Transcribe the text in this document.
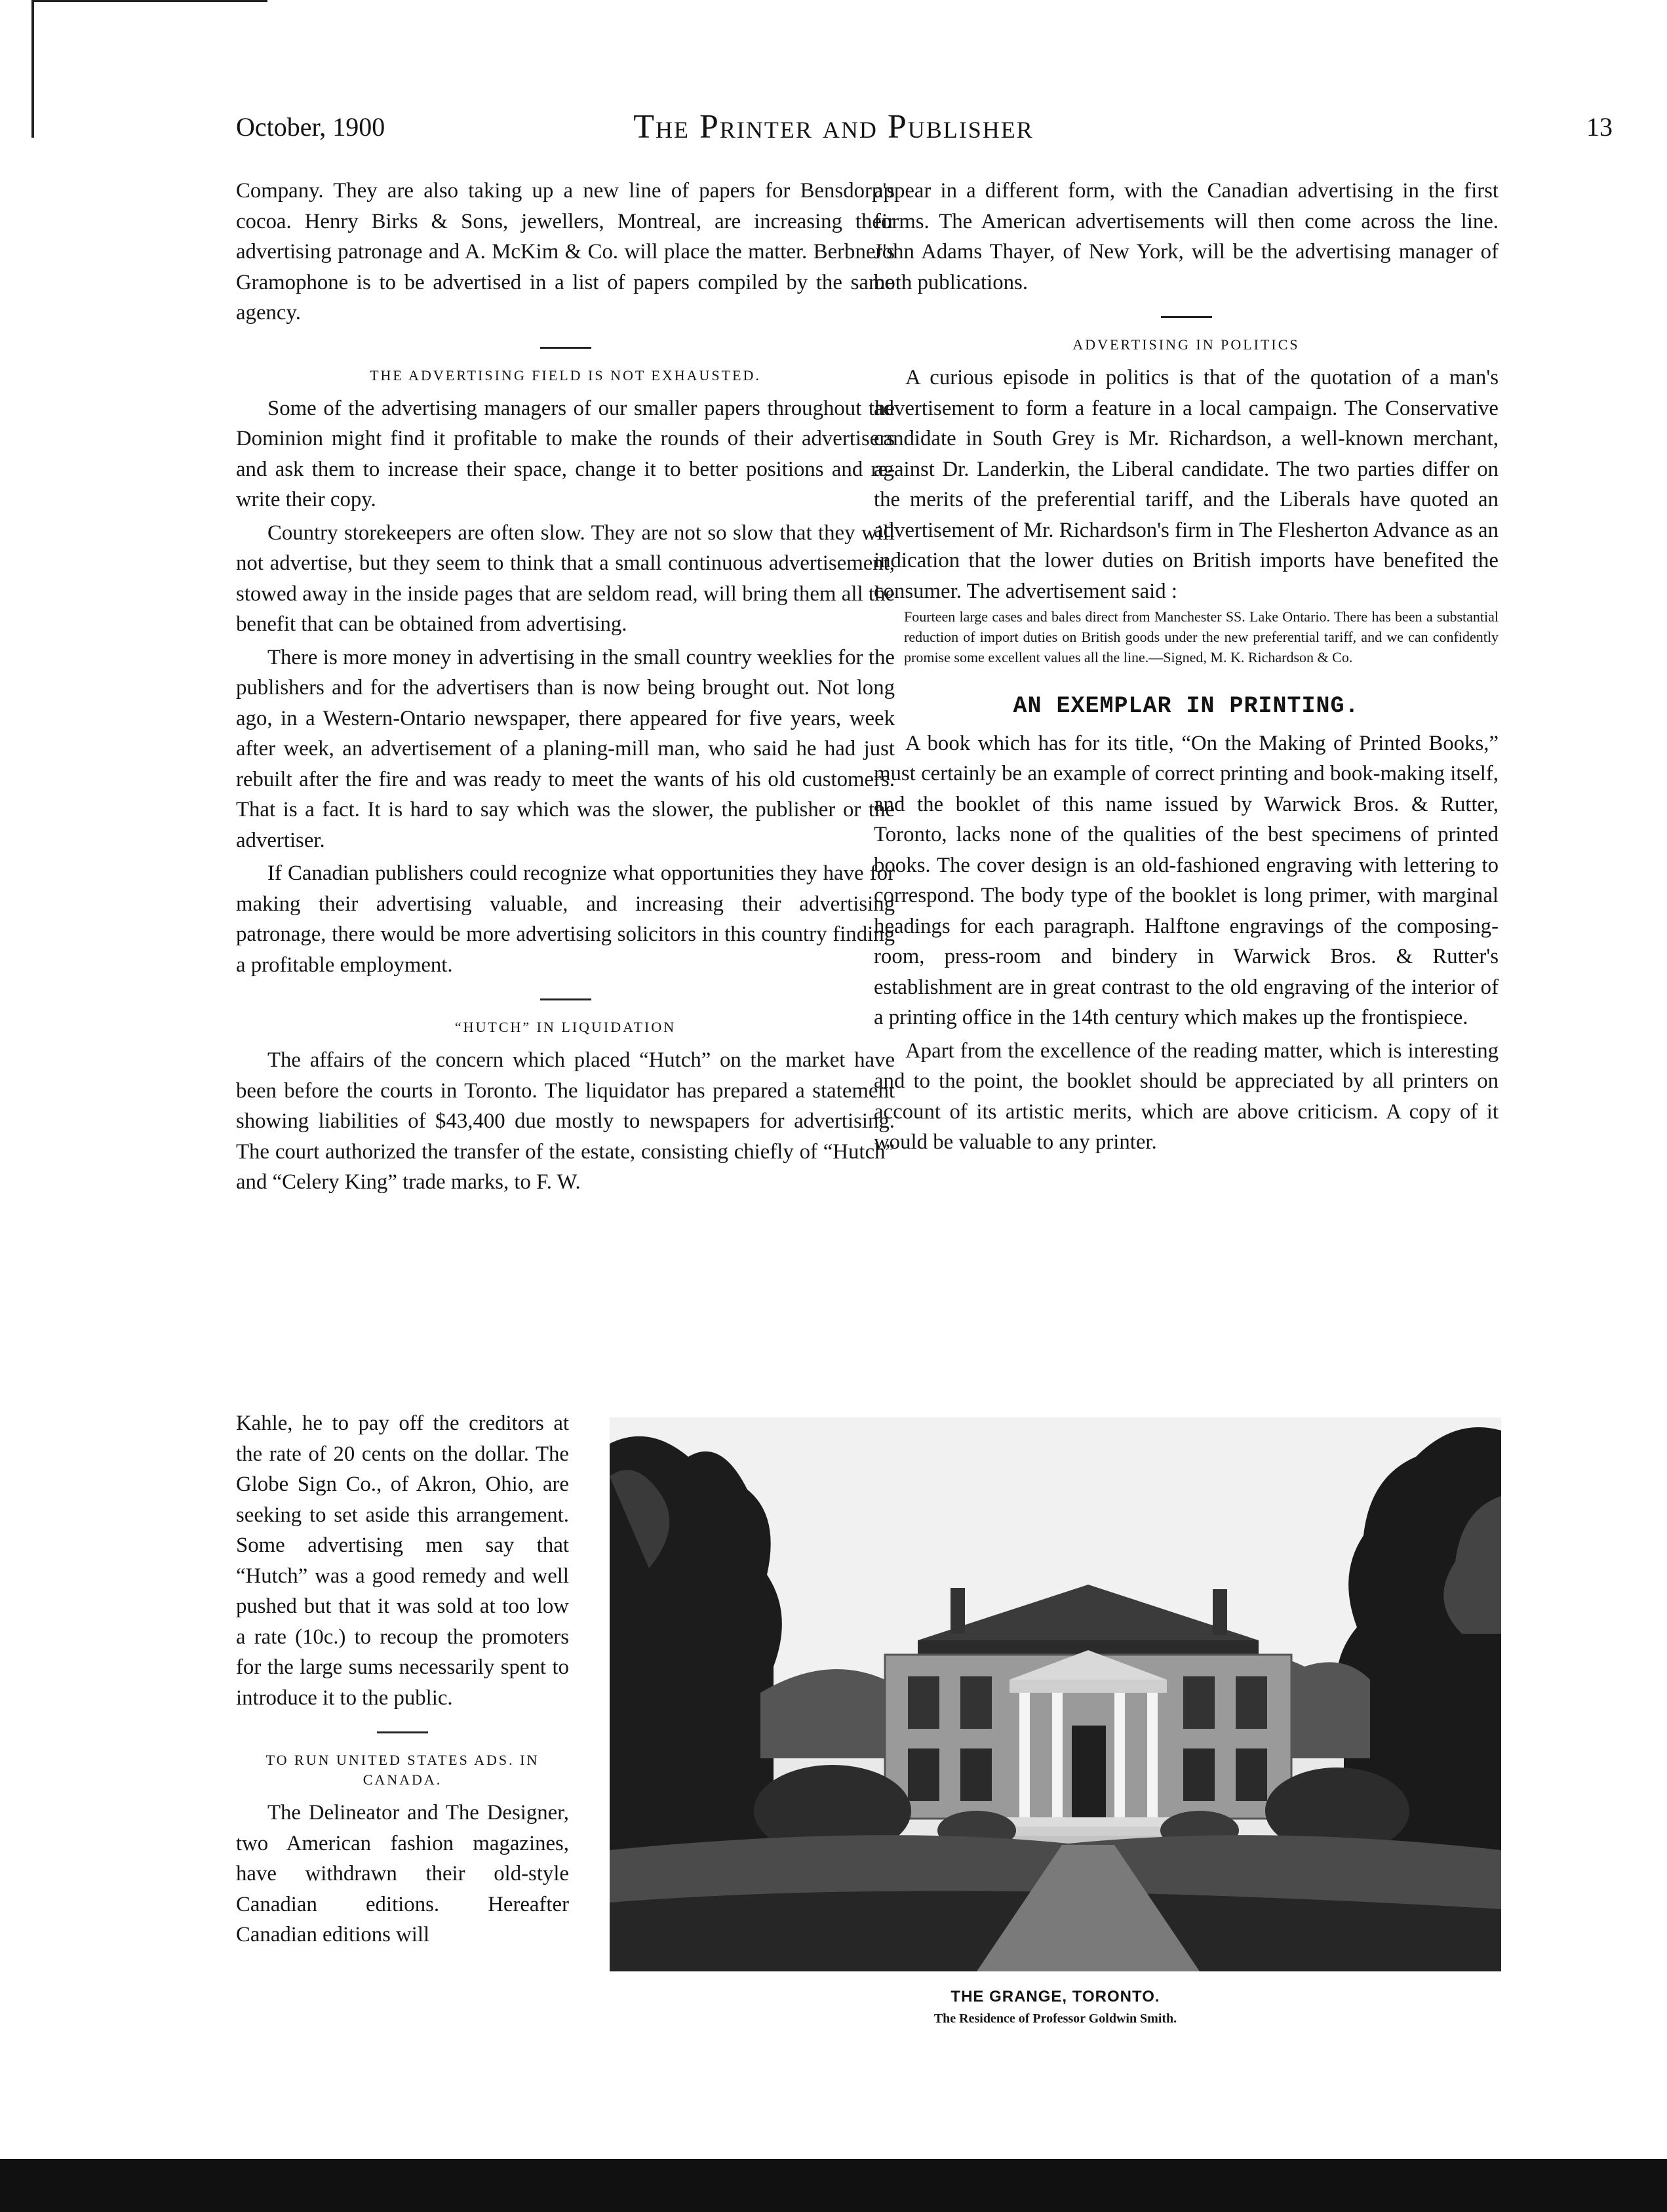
October, 1900	The Printer and Publisher	13

Company. They are also taking up a new line of papers for Bensdorp's cocoa. Henry Birks & Sons, jewellers, Montreal, are increasing their advertising patronage and A. McKim & Co. will place the matter. Berbner's Gramophone is to be advertised in a list of papers compiled by the same agency.

THE ADVERTISING FIELD IS NOT EXHAUSTED.

Some of the advertising managers of our smaller papers throughout the Dominion might find it profitable to make the rounds of their advertisers and ask them to increase their space, change it to better positions and re-write their copy.

Country storekeepers are often slow. They are not so slow that they will not advertise, but they seem to think that a small continuous advertisement, stowed away in the inside pages that are seldom read, will bring them all the benefit that can be obtained from advertising.

There is more money in advertising in the small country weeklies for the publishers and for the advertisers than is now being brought out. Not long ago, in a Western-Ontario newspaper, there appeared for five years, week after week, an advertisement of a planing-mill man, who said he had just rebuilt after the fire and was ready to meet the wants of his old customers. That is a fact. It is hard to say which was the slower, the publisher or the advertiser.

If Canadian publishers could recognize what opportunities they have for making their advertising valuable, and increasing their advertising patronage, there would be more advertising solicitors in this country finding a profitable employment.

“HUTCH” IN LIQUIDATION

The affairs of the concern which placed “Hutch” on the market have been before the courts in Toronto. The liquidator has prepared a statement showing liabilities of $43,400 due mostly to newspapers for advertising. The court authorized the transfer of the estate, consisting chiefly of “Hutch” and “Celery King” trade marks, to F. W.

Kahle, he to pay off the creditors at the rate of 20 cents on the dollar. The Globe Sign Co., of Akron, Ohio, are seeking to set aside this arrangement. Some advertising men say that “Hutch” was a good remedy and well pushed but that it was sold at too low a rate (10c.) to recoup the promoters for the large sums necessarily spent to introduce it to the public.

TO RUN UNITED STATES ADS. IN CANADA.

The Delineator and The Designer, two American fashion magazines, have withdrawn their old-style Canadian editions. Hereafter Canadian editions will

appear in a different form, with the Canadian advertising in the first forms. The American advertisements will then come across the line. John Adams Thayer, of New York, will be the advertising manager of both publications.

ADVERTISING IN POLITICS

A curious episode in politics is that of the quotation of a man's advertisement to form a feature in a local campaign. The Conservative candidate in South Grey is Mr. Richardson, a well-known merchant, against Dr. Landerkin, the Liberal candidate. The two parties differ on the merits of the preferential tariff, and the Liberals have quoted an advertisement of Mr. Richardson's firm in The Flesherton Advance as an indication that the lower duties on British imports have benefited the consumer. The advertisement said :

Fourteen large cases and bales direct from Manchester SS. Lake Ontario. There has been a substantial reduction of import duties on British goods under the new preferential tariff, and we can confidently promise some excellent values all the line.—Signed, M. K. Richardson & Co.

AN EXEMPLAR IN PRINTING.

A book which has for its title, “On the Making of Printed Books,” must certainly be an example of correct printing and book-making itself, and the booklet of this name issued by Warwick Bros. & Rutter, Toronto, lacks none of the qualities of the best specimens of printed books. The cover design is an old-fashioned engraving with lettering to correspond. The body type of the booklet is long primer, with marginal headings for each paragraph. Halftone engravings of the composing-room, press-room and bindery in Warwick Bros. & Rutter's establishment are in great contrast to the old engraving of the interior of a printing office in the 14th century which makes up the frontispiece.

Apart from the excellence of the reading matter, which is interesting and to the point, the booklet should be appreciated by all printers on account of its artistic merits, which are above criticism. A copy of it would be valuable to any printer.

THE GRANGE, TORONTO.
The Residence of Professor Goldwin Smith.
